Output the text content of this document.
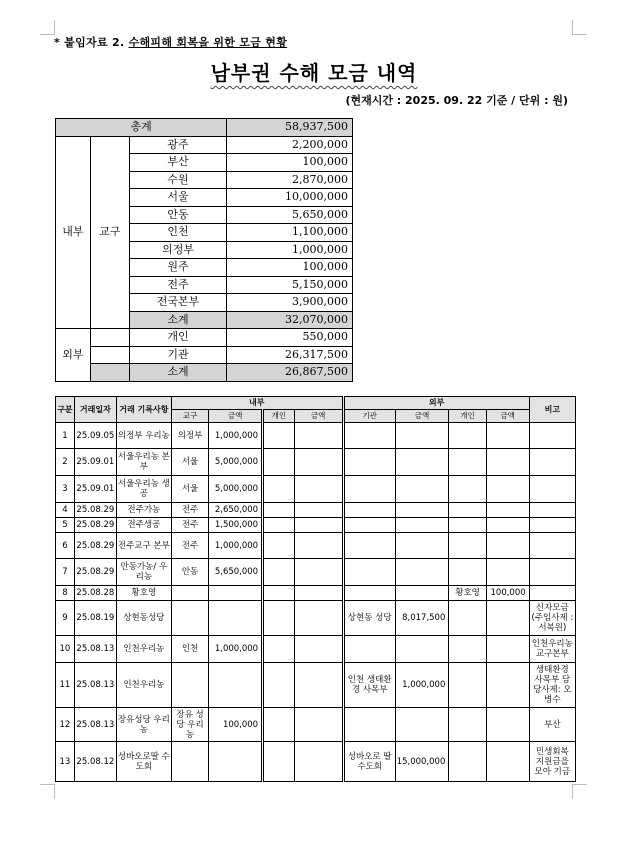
* 붙임자료 2. 수해피해 회복을 위한 모금 현황
남부권 수해 모금 내역
(현재시간 : 2025. 09. 22 기준 / 단위 : 원)
총계			58,937,500
내부	교구	광주	2,200,000
		부산	100,000
		수원	2,870,000
		서울	10,000,000
		안동	5,650,000
		인천	1,100,000
		의정부	1,000,000
		원주	100,000
		전주	5,150,000
		전국본부	3,900,000
		소계	32,070,000
외부		개인	550,000
		기관	26,317,500
		소계	26,867,500
구분	거래일자	거래 기록사항	내부				외부				비고
			교구	금액	개인	금액	기관	금액	개인	금액	
1	25.09.05	의정부 우리농	의정부	1,000,000							
2	25.09.01	서울우리농 본부	서울	5,000,000							
3	25.09.01	서울우리농 생공	서울	5,000,000							
4	25.08.29	전주가농	전주	2,650,000							
5	25.08.29	전주생공	전주	1,500,000							
6	25.08.29	전주교구 본부	전주	1,000,000							
7	25.08.29	안동가농/ 우리농	안동	5,650,000							
8	25.08.28	황호영							황호영	100,000	
9	25.08.19	상현동성당					상현동 성당	8,017,500			신자모금 (주임사제 : 서복원)
10	25.08.13	인천우리농	인천	1,000,000							인천우리농 교구본부
11	25.08.13	인천우리농					인천 생태환경 사목부	1,000,000			생태환경 사목부 담당사제: 오병수
12	25.08.13	장유성당 우리농	장유 성당 우리농	100,000							부산
13	25.08.12	성바오로딸 수도회					성바오로 딸수도회	15,000,000			민생회복 지원금을 모아 기금
